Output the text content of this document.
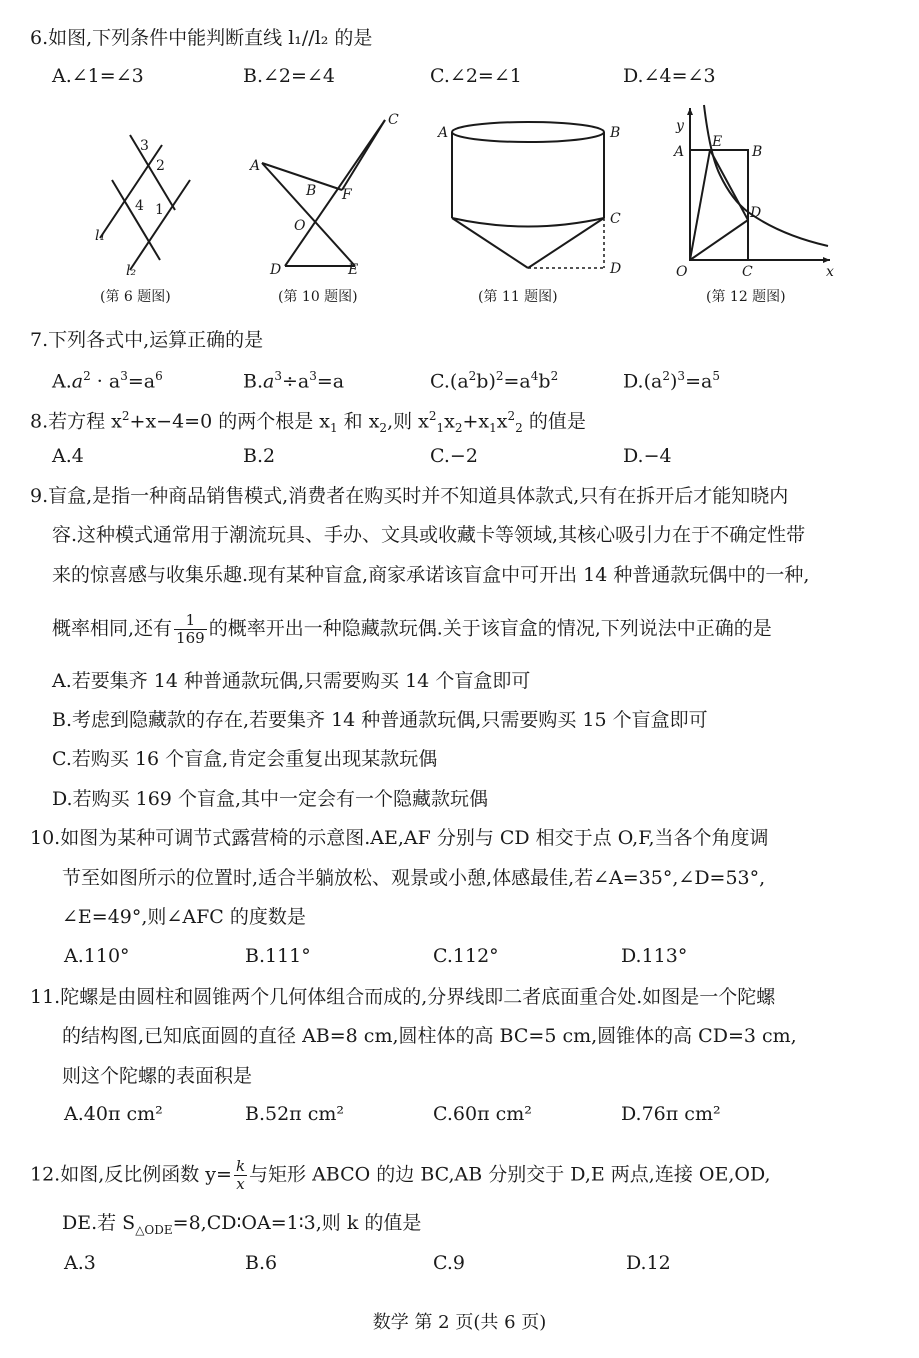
6.如图,下列条件中能判断直线 l₁//l₂ 的是
A.∠1=∠3	B.∠2=∠4	C.∠2=∠1	D.∠4=∠3
3
2
4 1
l₁
l₂
(第 6 题图)
C
A
B F
O
D	E
(第 10 题图)
A	B
C
D
(第 11 题图)
y
A
E
B
D
O	C	x
(第 12 题图)
7.下列各式中,运算正确的是
$A.a^2 \cdot a^3=a^6$	$B.a^3\div a^3=a$	$C.(a^2b)^2=a^4b^2$	$D.(a^2)^3=a^5$
8.若方程 $x^2+x-4=0$ 的两个根是 $x_1$ 和 $x_2$,则 $x^2_1x_2+x_1x^2_2$ 的值是
A.4	B.2	C.−2	D.−4
9.盲盒,是指一种商品销售模式,消费者在购买时并不知道具体款式,只有在拆开后才能知晓内
容.这种模式通常用于潮流玩具、手办、文具或收藏卡等领域,其核心吸引力在于不确定性带
来的惊喜感与收集乐趣.现有某种盲盒,商家承诺该盲盒中可开出 14 种普通款玩偶中的一种,
概率相同,还有 $\frac{1}{169}$ 的概率开出一种隐藏款玩偶.关于该盲盒的情况,下列说法中正确的是
A.若要集齐 14 种普通款玩偶,只需要购买 14 个盲盒即可
B.考虑到隐藏款的存在,若要集齐 14 种普通款玩偶,只需要购买 15 个盲盒即可
C.若购买 16 个盲盒,肯定会重复出现某款玩偶
D.若购买 169 个盲盒,其中一定会有一个隐藏款玩偶
10.如图为某种可调节式露营椅的示意图.AE,AF 分别与 CD 相交于点 O,F,当各个角度调
节至如图所示的位置时,适合半躺放松、观景或小憩,体感最佳,若∠A=35°,∠D=53°,
∠E=49°,则∠AFC 的度数是
A.110°	B.111°	C.112°	D.113°
11.陀螺是由圆柱和圆锥两个几何体组合而成的,分界线即二者底面重合处.如图是一个陀螺
的结构图,已知底面圆的直径 AB=8 cm,圆柱体的高 BC=5 cm,圆锥体的高 CD=3 cm,
则这个陀螺的表面积是
A.40π cm²	B.52π cm²	C.60π cm²	D.76π cm²
12.如图,反比例函数 $y= \frac{k}{x}$ 与矩形 ABCO 的边 BC,AB 分别交于 D,E 两点,连接 OE,OD,
DE.若 $S_{\triangle ODE}=8,CD∶OA=1∶3$,则 k 的值是
A.3	B.6	C.9	D.12
数学 第 2 页(共 6 页)
